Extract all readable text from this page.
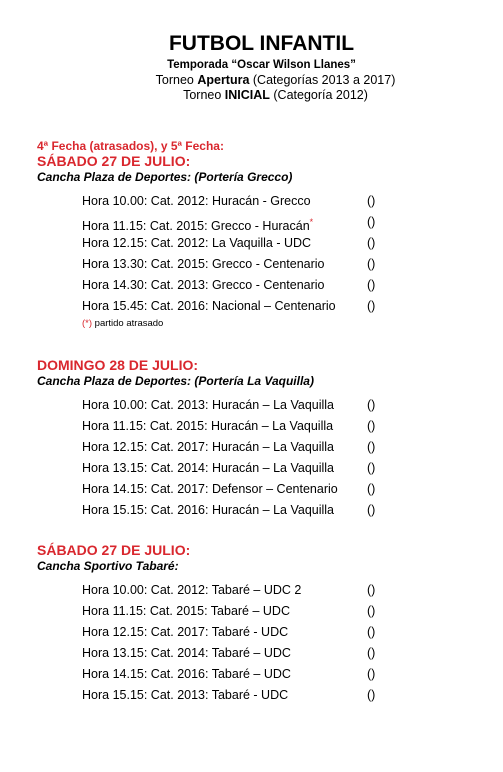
FUTBOL INFANTIL
Temporada “Oscar Wilson Llanes”
Torneo Apertura (Categorías 2013 a 2017)
Torneo INICIAL (Categoría 2012)
4ª Fecha (atrasados), y 5ª Fecha:
SÁBADO 27 DE JULIO:
Cancha Plaza de Deportes: (Portería Grecco)
Hora 10.00: Cat. 2012: Huracán - Grecco	()
Hora 11.15: Cat. 2015: Grecco - Huracán*	()
Hora 12.15: Cat. 2012: La Vaquilla - UDC	()
Hora 13.30: Cat. 2015: Grecco - Centenario	()
Hora 14.30: Cat. 2013: Grecco - Centenario	()
Hora 15.45: Cat. 2016: Nacional – Centenario	()
(*) partido atrasado
DOMINGO 28 DE JULIO:
Cancha Plaza de Deportes: (Portería La Vaquilla)
Hora 10.00: Cat. 2013: Huracán – La Vaquilla	()
Hora 11.15: Cat. 2015: Huracán – La Vaquilla	()
Hora 12.15: Cat. 2017: Huracán – La Vaquilla	()
Hora 13.15: Cat. 2014: Huracán – La Vaquilla	()
Hora 14.15: Cat. 2017: Defensor – Centenario ()
Hora 15.15: Cat. 2016: Huracán – La Vaquilla	()
SÁBADO 27 DE JULIO:
Cancha Sportivo Tabaré:
Hora 10.00: Cat. 2012: Tabaré – UDC 2	()
Hora 11.15: Cat. 2015: Tabaré – UDC	()
Hora 12.15: Cat. 2017: Tabaré - UDC	()
Hora 13.15: Cat. 2014: Tabaré – UDC	()
Hora 14.15: Cat. 2016: Tabaré – UDC	()
Hora 15.15: Cat. 2013: Tabaré - UDC	()
